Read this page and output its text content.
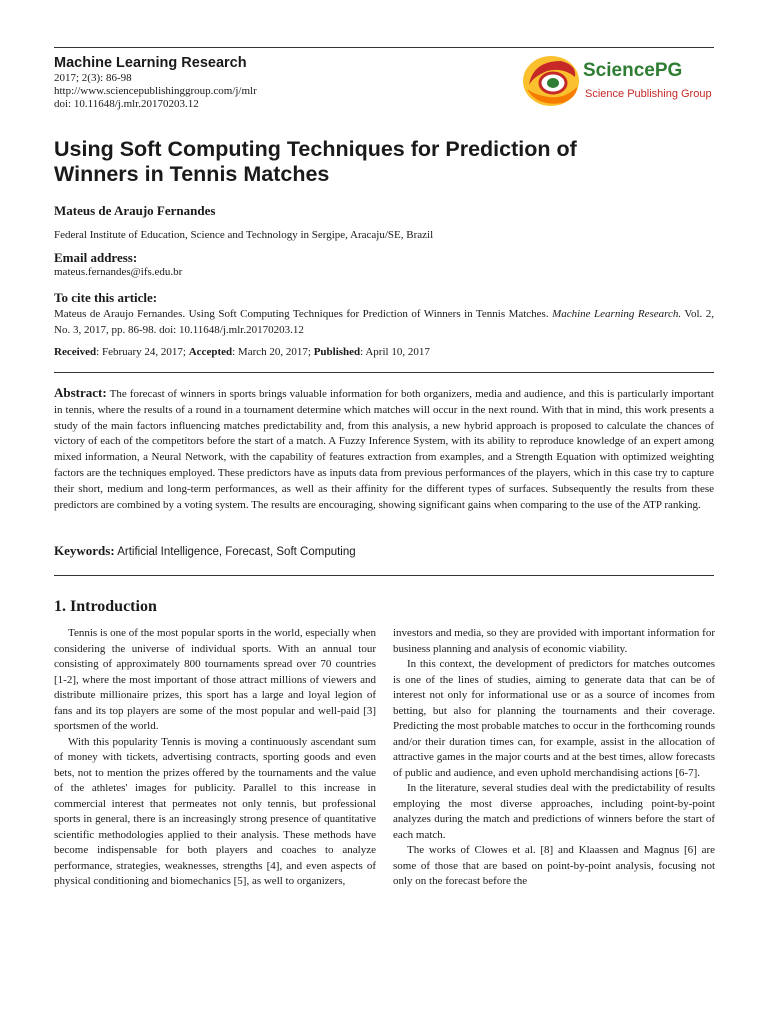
Machine Learning Research
2017; 2(3): 86-98
http://www.sciencepublishinggroup.com/j/mlr
doi: 10.11648/j.mlr.20170203.12
SciencePG
Science Publishing Group
Using Soft Computing Techniques for Prediction of
Winners in Tennis Matches
Mateus de Araujo Fernandes
Federal Institute of Education, Science and Technology in Sergipe, Aracaju/SE, Brazil
Email address:
mateus.fernandes@ifs.edu.br
To cite this article:
Mateus de Araujo Fernandes. Using Soft Computing Techniques for Prediction of Winners in Tennis Matches. Machine Learning Research. Vol. 2, No. 3, 2017, pp. 86-98. doi: 10.11648/j.mlr.20170203.12
Received: February 24, 2017; Accepted: March 20, 2017; Published: April 10, 2017
Abstract: The forecast of winners in sports brings valuable information for both organizers, media and audience, and this is particularly important in tennis, where the results of a round in a tournament determine which matches will occur in the next round. With that in mind, this work presents a study of the main factors influencing matches predictability and, from this analysis, a new hybrid approach is proposed to calculate the chances of victory of each of the competitors before the start of a match. A Fuzzy Inference System, with its ability to reproduce knowledge of an expert among mixed information, a Neural Network, with the capability of features extraction from examples, and a Strength Equation with optimized weighting factors are the techniques employed. These predictors have as inputs data from previous performances of the players, which in this case try to capture their short, medium and long-term performances, as well as their affinity for the different types of surfaces. Subsequently the results from these predictors are combined by a voting system. The results are encouraging, showing significant gains when comparing to the use of the ATP ranking.
Keywords: Artificial Intelligence, Forecast, Soft Computing
1. Introduction

Tennis is one of the most popular sports in the world, especially when considering the universe of individual sports. With an annual tour consisting of approximately 800 tournaments spread over 70 countries [1-2], where the most important of those attract millions of viewers and distribute millionaire prizes, this sport has a large and loyal legion of fans and its top players are some of the most popular and well-paid [3] sportsmen of the world.

With this popularity Tennis is moving a continuously ascendant sum of money with tickets, advertising contracts, sporting goods and even bets, not to mention the prizes offered by the tournaments and the value of the athletes' images for publicity. Parallel to this increase in commercial interest that permeates not only tennis, but professional sports in general, there is an increasingly strong presence of quantitative scientific methodologies applied to their analysis. These methods have become indispensable for both players and coaches to analyze performance, strategies, weaknesses, strengths [4], and even aspects of physical conditioning and biomechanics [5], as well to organizers,

investors and media, so they are provided with important information for business planning and analysis of economic viability.

In this context, the development of predictors for matches outcomes is one of the lines of studies, aiming to generate data that can be of interest not only for informational use or as a source of incomes from betting, but also for planning the tournaments and their coverage. Predicting the most probable matches to occur in the forthcoming rounds and/or their duration times can, for example, assist in the allocation of attractive games in the major courts and at the best times, allow forecasts of public and audience, and even uphold merchandising actions [6-7].

In the literature, several studies deal with the predictability of results employing the most diverse approaches, including point-by-point analyzes during the match and predictions of winners before the start of each match.

The works of Clowes et al. [8] and Klaassen and Magnus [6] are some of those that are based on point-by-point analysis, focusing not only on the forecast before the
